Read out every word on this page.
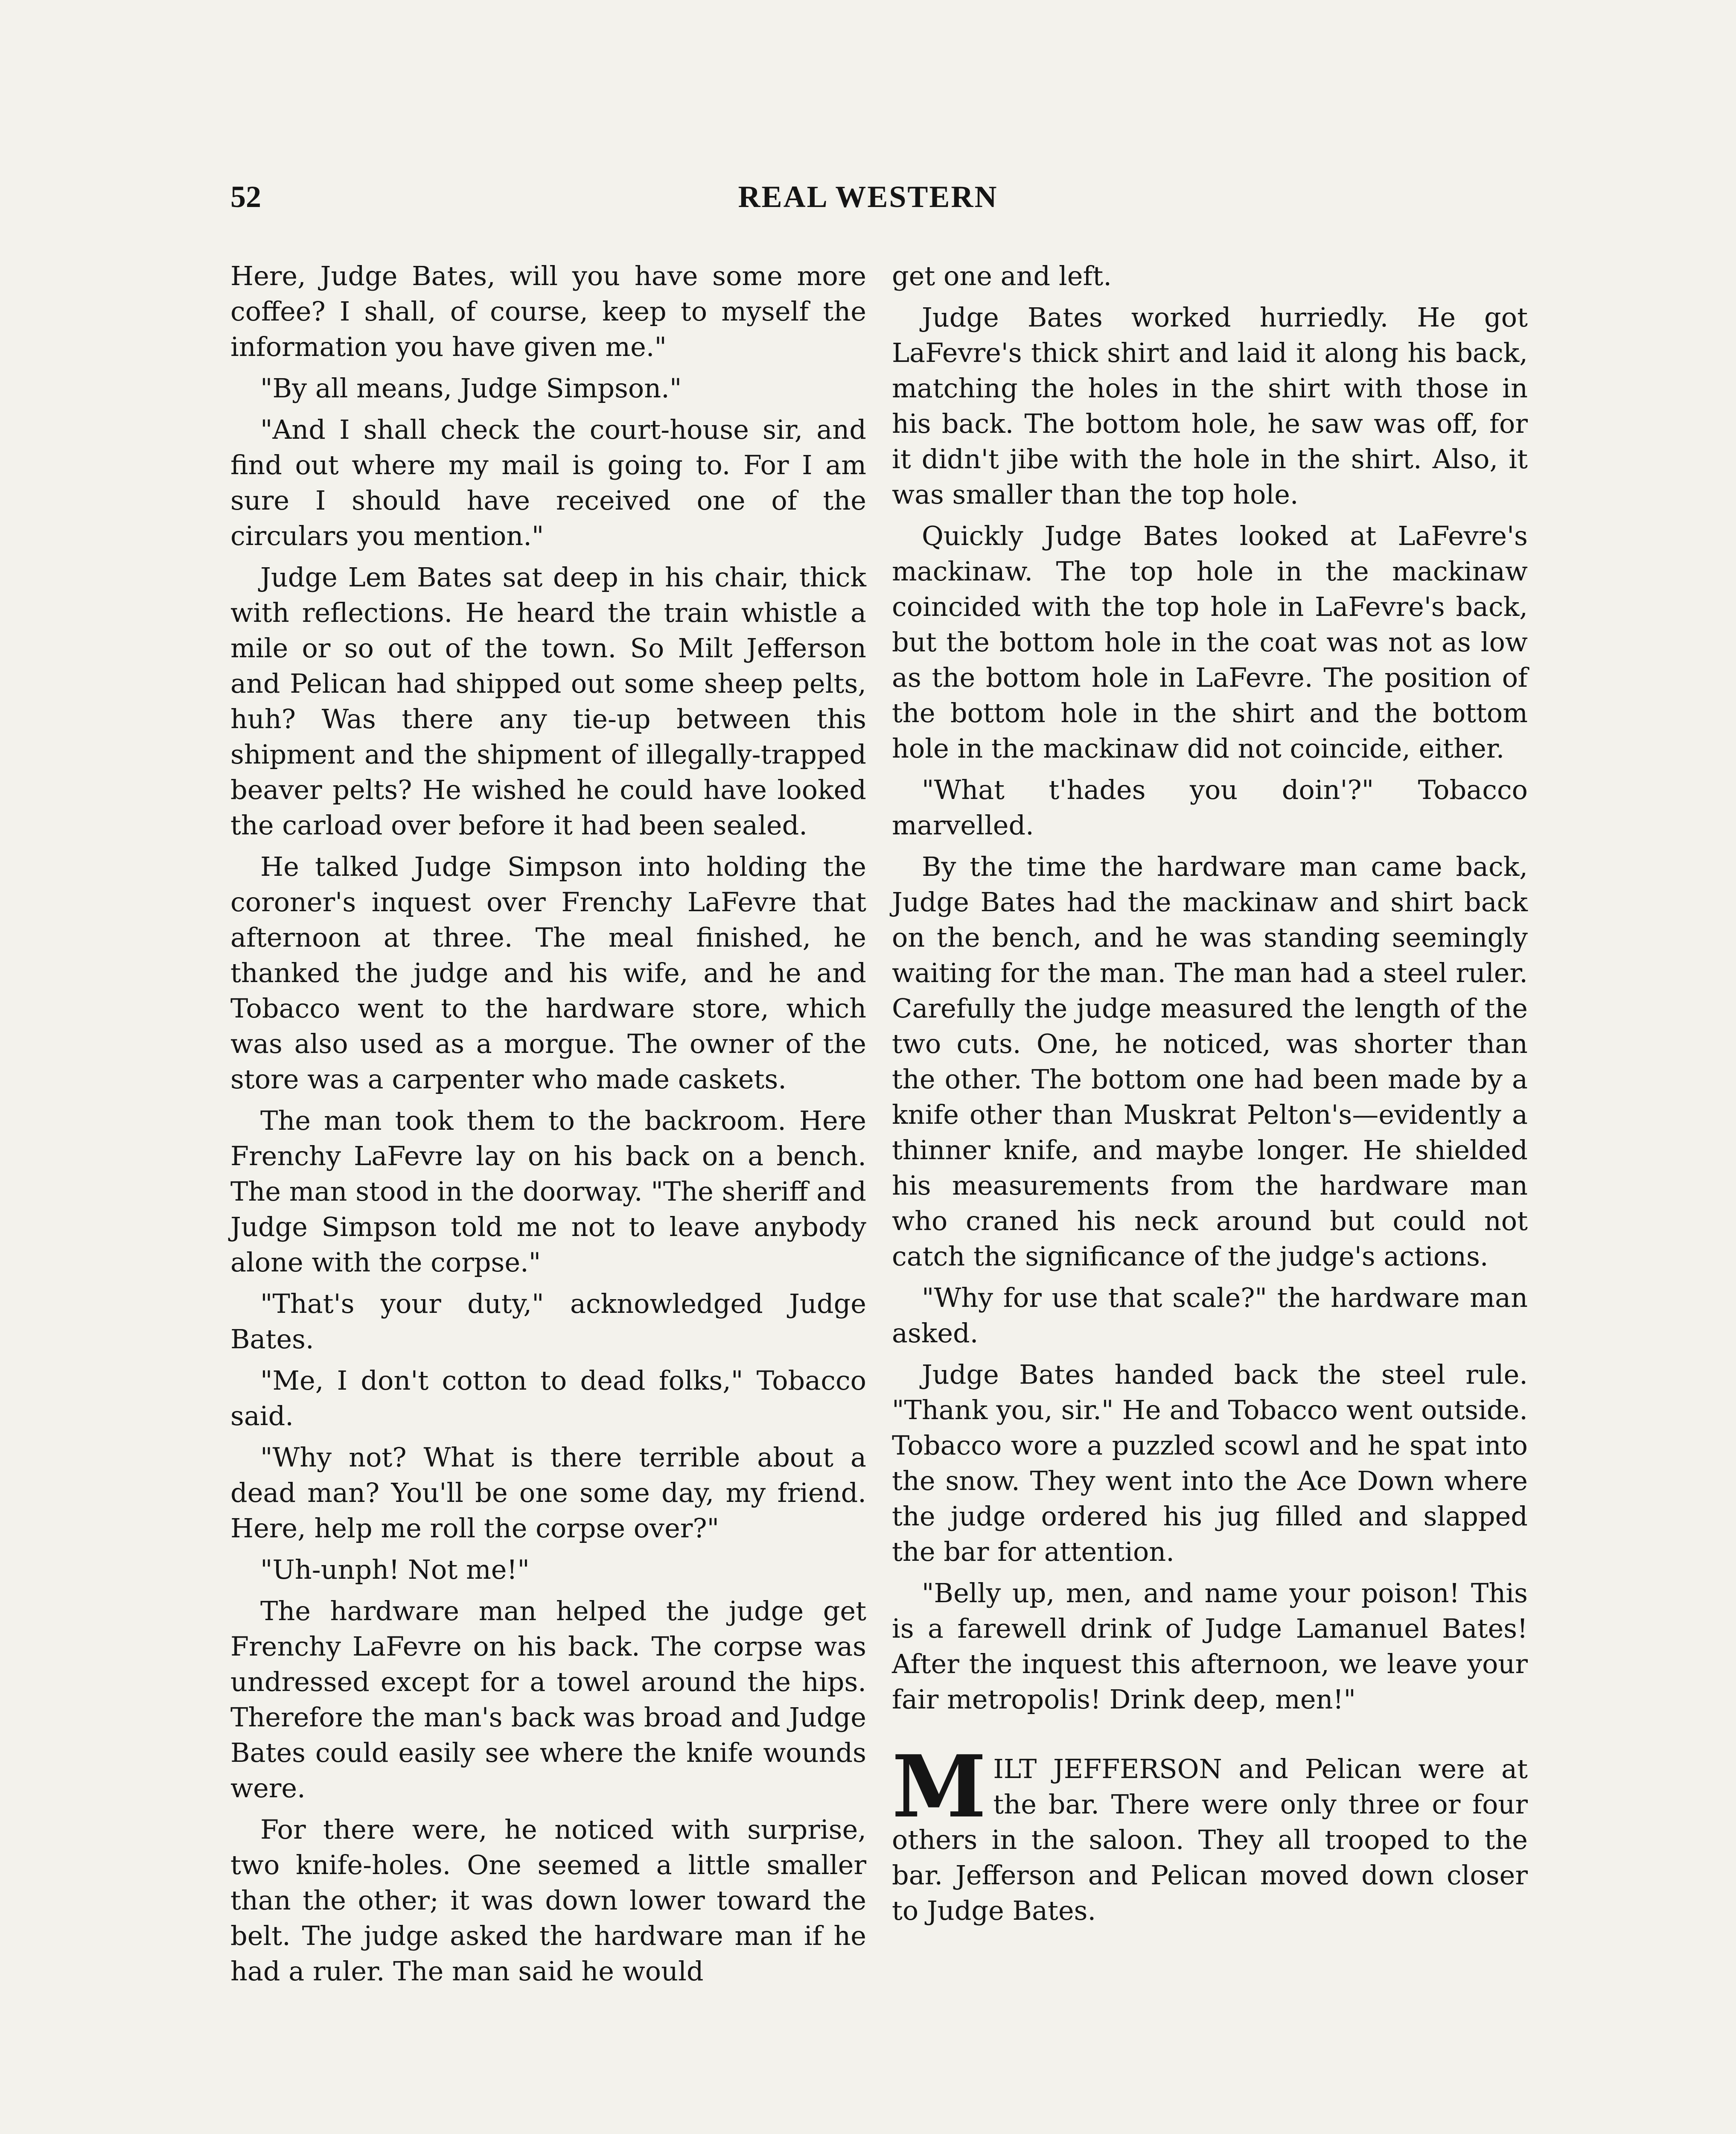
52	REAL WESTERN

Here, Judge Bates, will you have some more coffee? I shall, of course, keep to myself the information you have given me."

"By all means, Judge Simpson."

"And I shall check the court-house sir, and find out where my mail is going to. For I am sure I should have received one of the circulars you mention."

Judge Lem Bates sat deep in his chair, thick with reflections. He heard the train whistle a mile or so out of the town. So Milt Jefferson and Pelican had shipped out some sheep pelts, huh? Was there any tie-up between this shipment and the shipment of illegally-trapped beaver pelts? He wished he could have looked the carload over before it had been sealed.

He talked Judge Simpson into holding the coroner's inquest over Frenchy LaFevre that afternoon at three. The meal finished, he thanked the judge and his wife, and he and Tobacco went to the hardware store, which was also used as a morgue. The owner of the store was a carpenter who made caskets.

The man took them to the backroom. Here Frenchy LaFevre lay on his back on a bench. The man stood in the doorway. "The sheriff and Judge Simpson told me not to leave anybody alone with the corpse."

"That's your duty," acknowledged Judge Bates.

"Me, I don't cotton to dead folks," Tobacco said.

"Why not? What is there terrible about a dead man? You'll be one some day, my friend. Here, help me roll the corpse over?"

"Uh-unph! Not me!"

The hardware man helped the judge get Frenchy LaFevre on his back. The corpse was undressed except for a towel around the hips. Therefore the man's back was broad and Judge Bates could easily see where the knife wounds were.

For there were, he noticed with surprise, two knife-holes. One seemed a little smaller than the other; it was down lower toward the belt. The judge asked the hardware man if he had a ruler. The man said he would

get one and left.

Judge Bates worked hurriedly. He got LaFevre's thick shirt and laid it along his back, matching the holes in the shirt with those in his back. The bottom hole, he saw was off, for it didn't jibe with the hole in the shirt. Also, it was smaller than the top hole.

Quickly Judge Bates looked at LaFevre's mackinaw. The top hole in the mackinaw coincided with the top hole in LaFevre's back, but the bottom hole in the coat was not as low as the bottom hole in LaFevre. The position of the bottom hole in the shirt and the bottom hole in the mackinaw did not coincide, either.

"What t'hades you doin'?" Tobacco marvelled.

By the time the hardware man came back, Judge Bates had the mackinaw and shirt back on the bench, and he was standing seemingly waiting for the man. The man had a steel ruler. Carefully the judge measured the length of the two cuts. One, he noticed, was shorter than the other. The bottom one had been made by a knife other than Muskrat Pelton's—evidently a thinner knife, and maybe longer. He shielded his measurements from the hardware man who craned his neck around but could not catch the significance of the judge's actions.

"Why for use that scale?" the hardware man asked.

Judge Bates handed back the steel rule. "Thank you, sir." He and Tobacco went outside. Tobacco wore a puzzled scowl and he spat into the snow. They went into the Ace Down where the judge ordered his jug filled and slapped the bar for attention.

"Belly up, men, and name your poison! This is a farewell drink of Judge Lamanuel Bates! After the inquest this afternoon, we leave your fair metropolis! Drink deep, men!"

M ILT JEFFERSON and Pelican were at the bar. There were only three or four others in the saloon. They all trooped to the bar. Jefferson and Pelican moved down closer to Judge Bates.
